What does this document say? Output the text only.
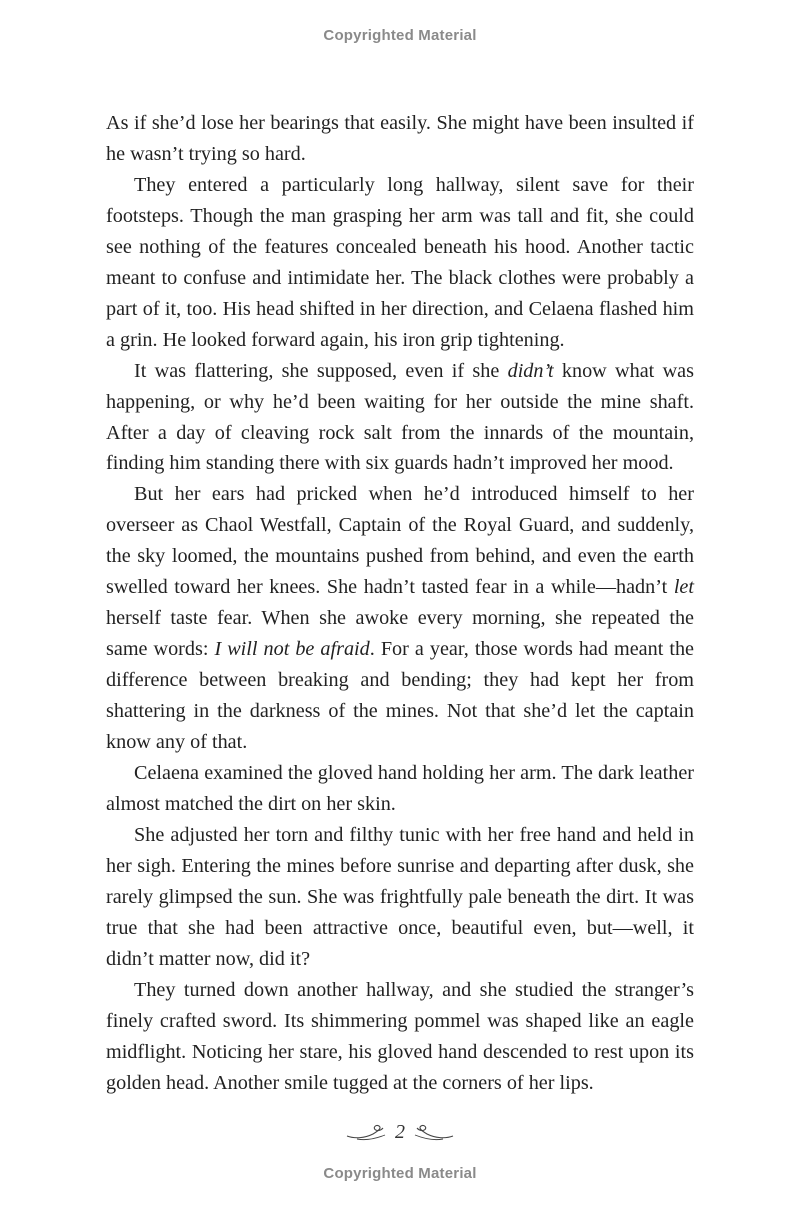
Copyrighted Material

As if she’d lose her bearings that easily. She might have been insulted if he wasn’t trying so hard.

They entered a particularly long hallway, silent save for their footsteps. Though the man grasping her arm was tall and fit, she could see nothing of the features concealed beneath his hood. Another tactic meant to confuse and intimidate her. The black clothes were probably a part of it, too. His head shifted in her direction, and Celaena flashed him a grin. He looked forward again, his iron grip tightening.

It was flattering, she supposed, even if she didn’t know what was happening, or why he’d been waiting for her outside the mine shaft. After a day of cleaving rock salt from the innards of the mountain, finding him standing there with six guards hadn’t improved her mood.

But her ears had pricked when he’d introduced himself to her overseer as Chaol Westfall, Captain of the Royal Guard, and suddenly, the sky loomed, the mountains pushed from behind, and even the earth swelled toward her knees. She hadn’t tasted fear in a while—hadn’t let herself taste fear. When she awoke every morning, she repeated the same words: I will not be afraid. For a year, those words had meant the difference between breaking and bending; they had kept her from shattering in the darkness of the mines. Not that she’d let the captain know any of that.

Celaena examined the gloved hand holding her arm. The dark leather almost matched the dirt on her skin.

She adjusted her torn and filthy tunic with her free hand and held in her sigh. Entering the mines before sunrise and departing after dusk, she rarely glimpsed the sun. She was frightfully pale beneath the dirt. It was true that she had been attractive once, beautiful even, but—well, it didn’t matter now, did it?

They turned down another hallway, and she studied the stranger’s finely crafted sword. Its shimmering pommel was shaped like an eagle midflight. Noticing her stare, his gloved hand descended to rest upon its golden head. Another smile tugged at the corners of her lips.

2
Copyrighted Material
